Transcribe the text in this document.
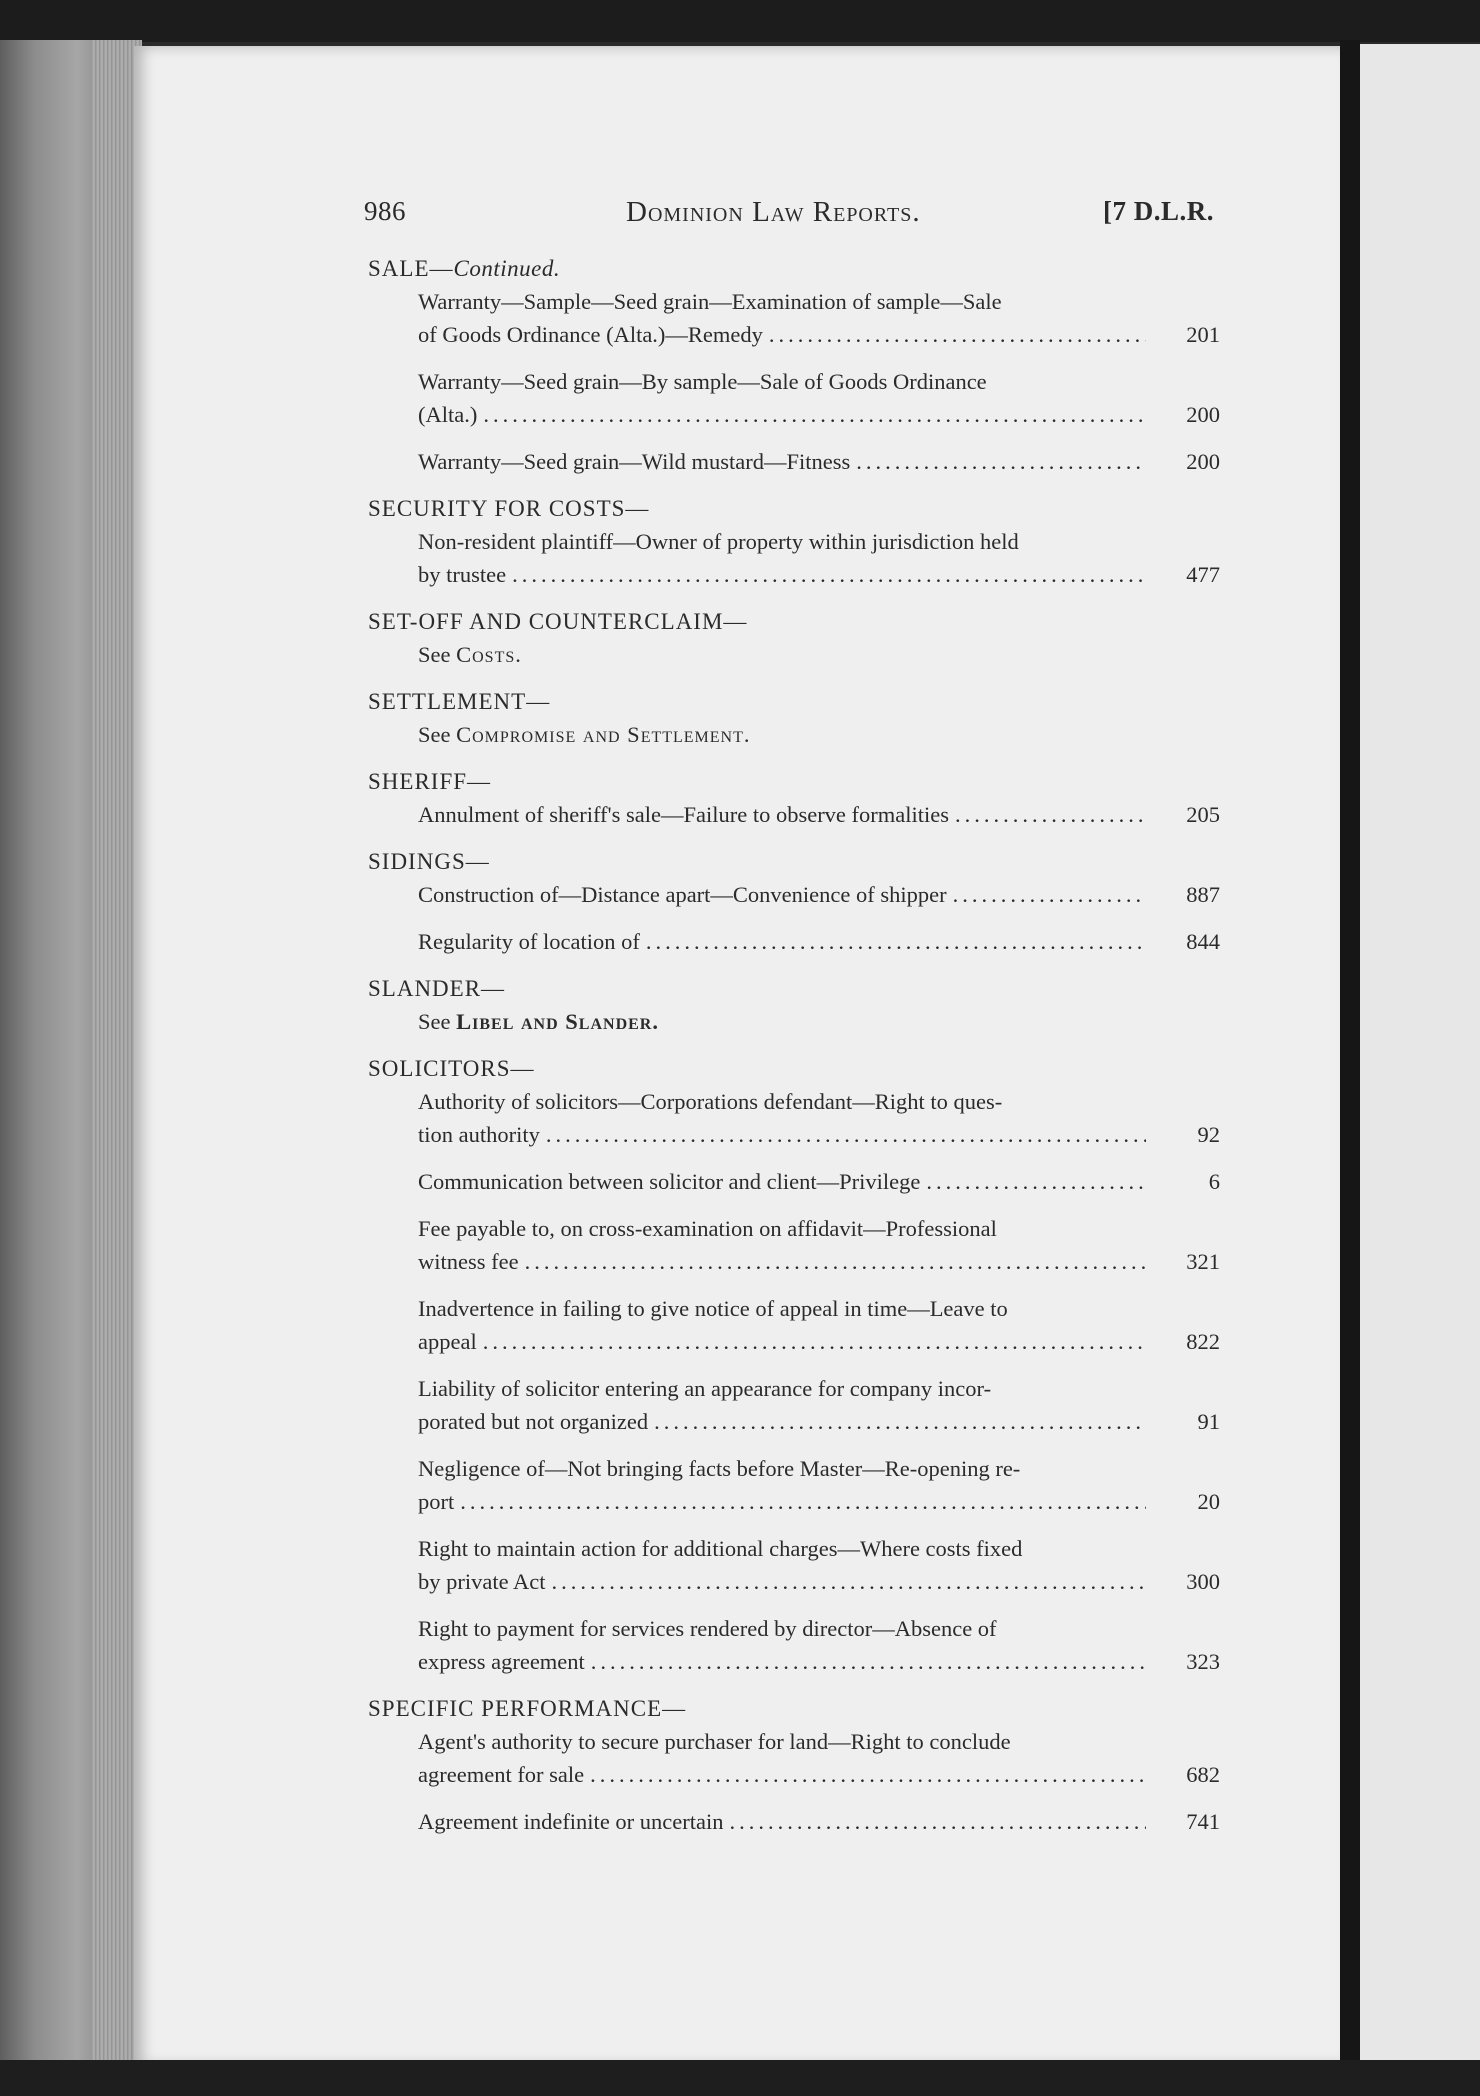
986	Dominion Law Reports.	[7 D.L.R.
SALE—Continued.
Warranty—Sample—Seed grain—Examination of sample—Sale
of Goods Ordinance (Alta.)—Remedy .....	201
Warranty—Seed grain—By sample—Sale of Goods Ordinance
(Alta.) .....	200
Warranty—Seed grain—Wild mustard—Fitness .....	200
SECURITY FOR COSTS—
Non-resident plaintiff—Owner of property within jurisdiction held
by trustee .....	477
SET-OFF AND COUNTERCLAIM—
See Costs.
SETTLEMENT—
See Compromise and Settlement.
SHERIFF—
Annulment of sheriff's sale—Failure to observe formalities .....	205
SIDINGS—
Construction of—Distance apart—Convenience of shipper .....	887
Regularity of location of .....	844
SLANDER—
See Libel and Slander.
SOLICITORS—
Authority of solicitors—Corporations defendant—Right to ques-
tion authority .....	92
Communication between solicitor and client—Privilege .....	6
Fee payable to, on cross-examination on affidavit—Professional
witness fee .....	321
Inadvertence in failing to give notice of appeal in time—Leave to
appeal .....	822
Liability of solicitor entering an appearance for company incor-
porated but not organized .....	91
Negligence of—Not bringing facts before Master—Re-opening re-
port .....	20
Right to maintain action for additional charges—Where costs fixed
by private Act .....	300
Right to payment for services rendered by director—Absence of
express agreement .....	323
SPECIFIC PERFORMANCE—
Agent's authority to secure purchaser for land—Right to conclude
agreement for sale .....	682
Agreement indefinite or uncertain .....	741
